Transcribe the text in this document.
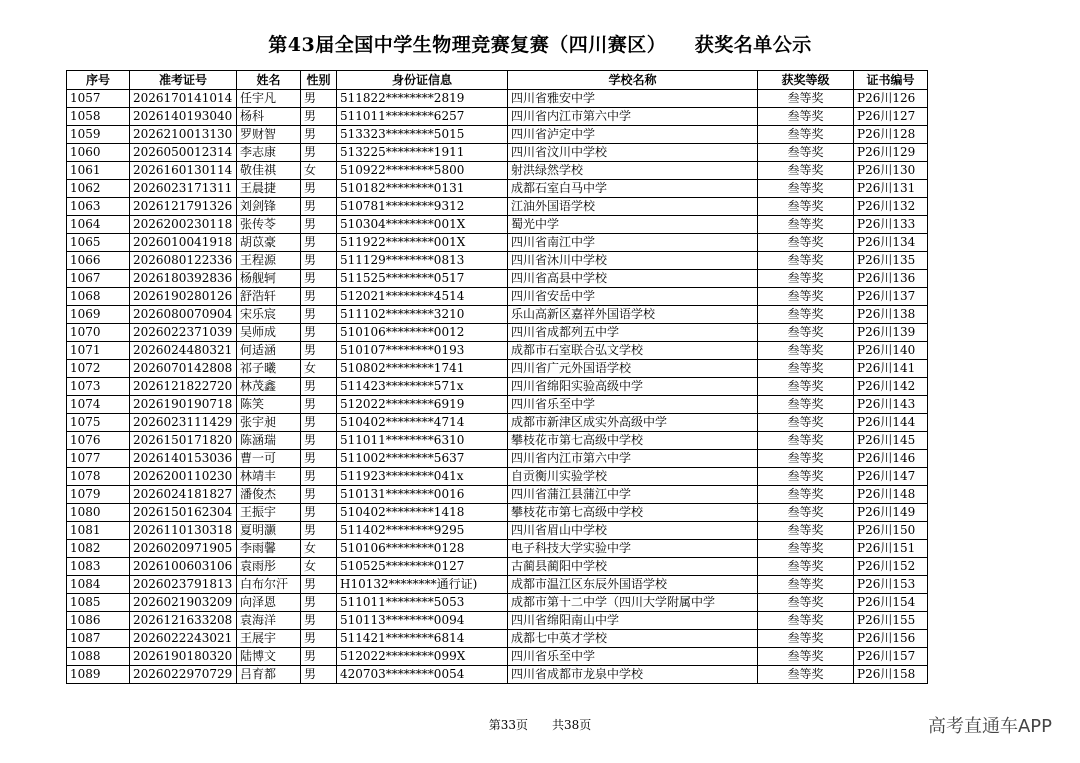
第43届全国中学生物理竞赛复赛（四川赛区）    获奖名单公示
序号	准考证号	姓名	性别	身份证信息	学校名称	获奖等级	证书编号
1057	2026170141014	任宇凡	男	511822********2819	四川省雅安中学	叁等奖	P26川126
1058	2026140193040	杨科	男	511011********6257	四川省内江市第六中学	叁等奖	P26川127
1059	2026210013130	罗财智	男	513323********5015	四川省泸定中学	叁等奖	P26川128
1060	2026050012314	李志康	男	513225********1911	四川省汶川中学校	叁等奖	P26川129
1061	2026160130114	敬佳祺	女	510922********5800	射洪绿然学校	叁等奖	P26川130
1062	2026023171311	王晨捷	男	510182********0131	成都石室白马中学	叁等奖	P26川131
1063	2026121791326	刘剑锋	男	510781********9312	江油外国语学校	叁等奖	P26川132
1064	2026200230118	张传苓	男	510304********001X	蜀光中学	叁等奖	P26川133
1065	2026010041918	胡苡豪	男	511922********001X	四川省南江中学	叁等奖	P26川134
1066	2026080122336	王程源	男	511129********0813	四川省沐川中学校	叁等奖	P26川135
1067	2026180392836	杨舰轲	男	511525********0517	四川省高县中学校	叁等奖	P26川136
1068	2026190280126	舒浩轩	男	512021********4514	四川省安岳中学	叁等奖	P26川137
1069	2026080070904	宋乐宸	男	511102********3210	乐山高新区嘉祥外国语学校	叁等奖	P26川138
1070	2026022371039	吴师成	男	510106********0012	四川省成都列五中学	叁等奖	P26川139
1071	2026024480321	何适涵	男	510107********0193	成都市石室联合弘文学校	叁等奖	P26川140
1072	2026070142808	祁子曦	女	510802********1741	四川省广元外国语学校	叁等奖	P26川141
1073	2026121822720	林茂鑫	男	511423********571x	四川省绵阳实验高级中学	叁等奖	P26川142
1074	2026190190718	陈笑	男	512022********6919	四川省乐至中学	叁等奖	P26川143
1075	2026023111429	张宇昶	男	510402********4714	成都市新津区成实外高级中学	叁等奖	P26川144
1076	2026150171820	陈涵瑞	男	511011********6310	攀枝花市第七高级中学校	叁等奖	P26川145
1077	2026140153036	曹一可	男	511002********5637	四川省内江市第六中学	叁等奖	P26川146
1078	2026200110230	林靖丰	男	511923********041x	自贡衡川实验学校	叁等奖	P26川147
1079	2026024181827	潘俊杰	男	510131********0016	四川省蒲江县蒲江中学	叁等奖	P26川148
1080	2026150162304	王振宇	男	510402********1418	攀枝花市第七高级中学校	叁等奖	P26川149
1081	2026110130318	夏明灏	男	511402********9295	四川省眉山中学校	叁等奖	P26川150
1082	2026020971905	李雨馨	女	510106********0128	电子科技大学实验中学	叁等奖	P26川151
1083	2026100603106	袁雨彤	女	510525********0127	古蔺县蔺阳中学校	叁等奖	P26川152
1084	2026023791813	白布尔汗	男	H10132********通行证)	成都市温江区东辰外国语学校	叁等奖	P26川153
1085	2026021903209	向泽恩	男	511011********5053	成都市第十二中学（四川大学附属中学	叁等奖	P26川154
1086	2026121633208	袁海洋	男	510113********0094	四川省绵阳南山中学	叁等奖	P26川155
1087	2026022243021	王展宇	男	511421********6814	成都七中英才学校	叁等奖	P26川156
1088	2026190180320	陆博文	男	512022********099X	四川省乐至中学	叁等奖	P26川157
1089	2026022970729	吕育都	男	420703********0054	四川省成都市龙泉中学校	叁等奖	P26川158
第33页 共38页	高考直通车APP
